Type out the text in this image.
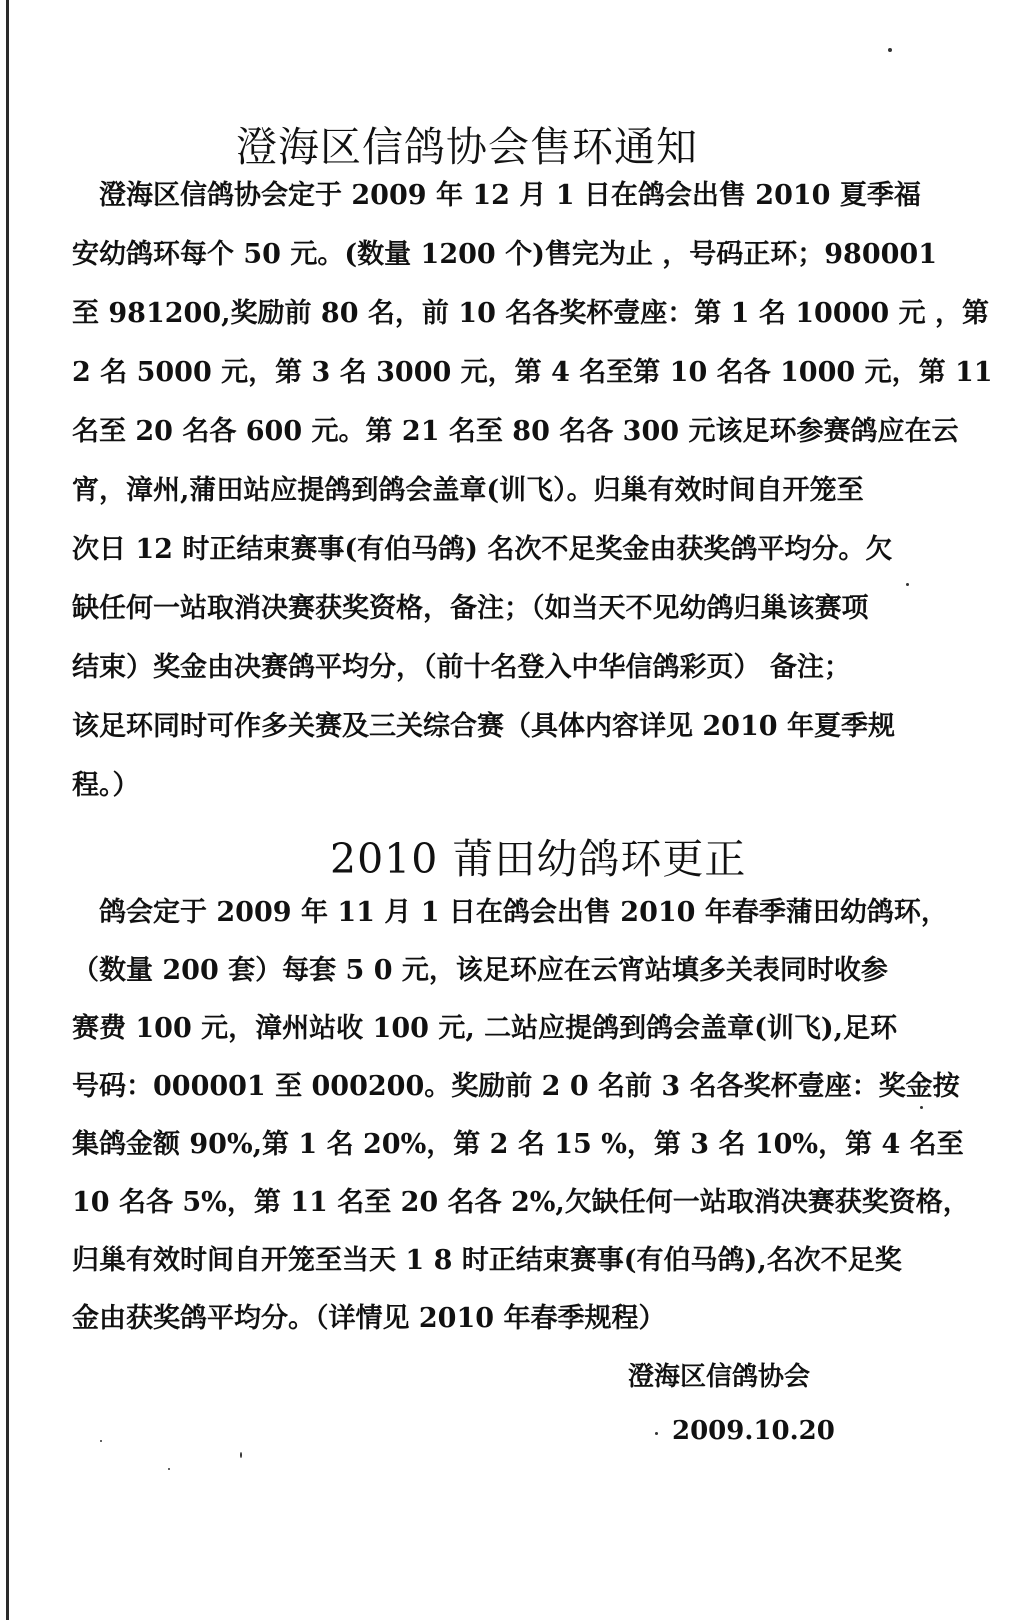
澄海区信鸽协会售环通知
　澄海区信鸽协会定于 2009 年 12 月 1 日在鸽会出售 2010 夏季福
安幼鸽环每个 50 元。(数量 1200 个)售完为止 ，号码正环；980001
至 981200,奖励前 80 名，前 10 名各奖杯壹座：第 1 名 10000 元 ，第
2 名 5000 元，第 3 名 3000 元，第 4 名至第 10 名各 1000 元，第 11
名至 20 名各 600 元。第 21 名至 80 名各 300 元该足环参赛鸽应在云
宵，漳州,蒲田站应提鸽到鸽会盖章(训飞）。归巢有效时间自开笼至
次日 12 时正结束赛事(有伯马鸽) 名次不足奖金由获奖鸽平均分。欠
缺任何一站取消决赛获奖资格，备注；（如当天不见幼鸽归巢该赛项
结束）奖金由决赛鸽平均分，（前十名登入中华信鸽彩页） 备注；
该足环同时可作多关赛及三关综合赛（具体内容详见 2010 年夏季规
程。）
2010 莆田幼鸽环更正
　鸽会定于 2009 年 11 月 1 日在鸽会出售 2010 年春季蒲田幼鸽环，
（数量 200 套）每套 5 0 元，该足环应在云宵站填多关表同时收参
赛费 100 元，漳州站收 100 元, 二站应提鸽到鸽会盖章(训飞),足环
号码：000001 至 000200。奖励前 2 0 名前 3 名各奖杯壹座：奖金按
集鸽金额 90%,第 1 名 20%，第 2 名 15 %，第 3 名 10%，第 4 名至
10 名各 5%，第 11 名至 20 名各 2%,欠缺任何一站取消决赛获奖资格，
归巢有效时间自开笼至当天 1 8 时正结束赛事(有伯马鸽),名次不足奖
金由获奖鸽平均分。（详情见 2010 年春季规程）

澄海区信鸽协会

2009.10.20
